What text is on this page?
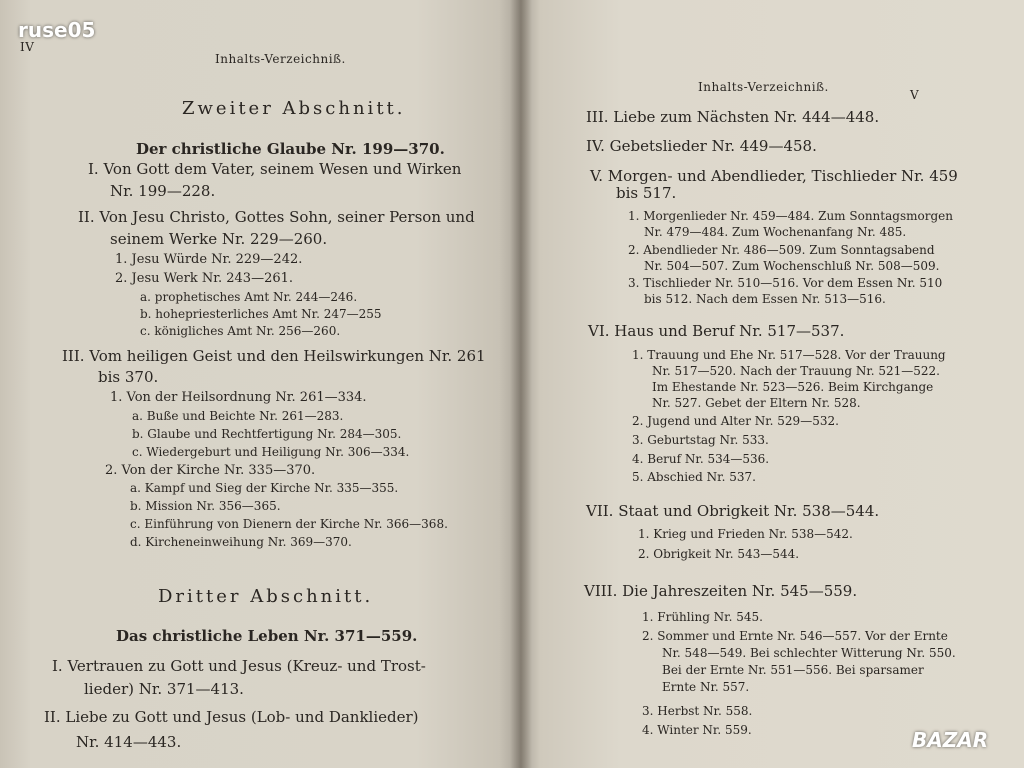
IV
Inhalts-Verzeichniß.
Zweiter Abschnitt.
Der christliche Glaube Nr. 199—370.
I. Von Gott dem Vater, seinem Wesen und Wirken
Nr. 199—228.
II. Von Jesu Christo, Gottes Sohn, seiner Person und
seinem Werke Nr. 229—260.
1. Jesu Würde Nr. 229—242.
2. Jesu Werk Nr. 243—261.
a. prophetisches Amt Nr. 244—246.
b. hohepriesterliches Amt Nr. 247—255
c. königliches Amt Nr. 256—260.
III. Vom heiligen Geist und den Heilswirkungen Nr. 261
bis 370.
1. Von der Heilsordnung Nr. 261—334.
a. Buße und Beichte Nr. 261—283.
b. Glaube und Rechtfertigung Nr. 284—305.
c. Wiedergeburt und Heiligung Nr. 306—334.
2. Von der Kirche Nr. 335—370.
a. Kampf und Sieg der Kirche Nr. 335—355.
b. Mission Nr. 356—365.
c. Einführung von Dienern der Kirche Nr. 366—368.
d. Kircheneinweihung Nr. 369—370.
Dritter Abschnitt.
Das christliche Leben Nr. 371—559.
I. Vertrauen zu Gott und Jesus (Kreuz- und Trost-
lieder) Nr. 371—413.
II. Liebe zu Gott und Jesus (Lob- und Danklieder)
Nr. 414—443.
Inhalts-Verzeichniß.
V
III. Liebe zum Nächsten Nr. 444—448.
IV. Gebetslieder Nr. 449—458.
V. Morgen- und Abendlieder, Tischlieder Nr. 459
bis 517.
1. Morgenlieder Nr. 459—484. Zum Sonntagsmorgen
Nr. 479—484. Zum Wochenanfang Nr. 485.
2. Abendlieder Nr. 486—509. Zum Sonntagsabend
Nr. 504—507. Zum Wochenschluß Nr. 508—509.
3. Tischlieder Nr. 510—516. Vor dem Essen Nr. 510
bis 512. Nach dem Essen Nr. 513—516.
VI. Haus und Beruf Nr. 517—537.
1. Trauung und Ehe Nr. 517—528. Vor der Trauung
Nr. 517—520. Nach der Trauung Nr. 521—522.
Im Ehestande Nr. 523—526. Beim Kirchgange
Nr. 527. Gebet der Eltern Nr. 528.
2. Jugend und Alter Nr. 529—532.
3. Geburtstag Nr. 533.
4. Beruf Nr. 534—536.
5. Abschied Nr. 537.
VII. Staat und Obrigkeit Nr. 538—544.
1. Krieg und Frieden Nr. 538—542.
2. Obrigkeit Nr. 543—544.
VIII. Die Jahreszeiten Nr. 545—559.
1. Frühling Nr. 545.
2. Sommer und Ernte Nr. 546—557. Vor der Ernte
Nr. 548—549. Bei schlechter Witterung Nr. 550.
Bei der Ernte Nr. 551—556. Bei sparsamer
Ernte Nr. 557.
3. Herbst Nr. 558.
4. Winter Nr. 559.
ruse05
BAZAR
